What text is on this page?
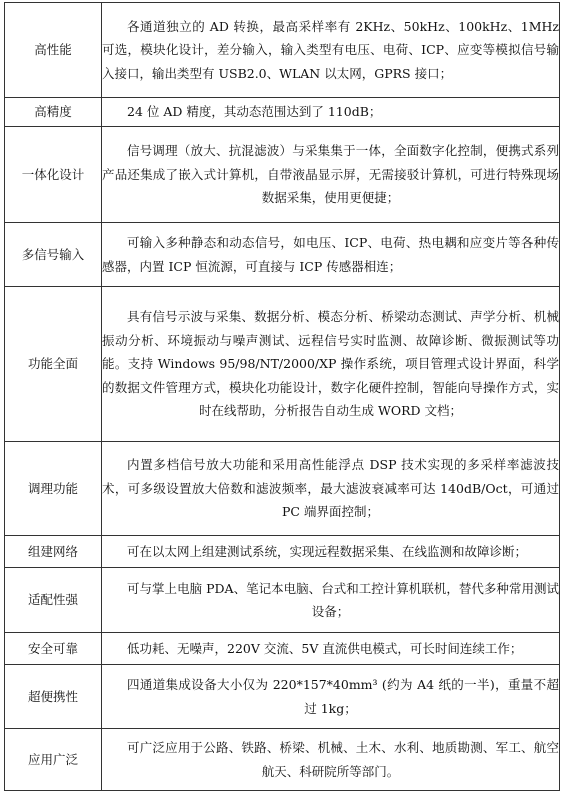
高性能	各通道独立的 AD 转换，最高采样率有 2KHz、50kHz、100kHz、1MHz 可选，模块化设计，差分输入，输入类型有电压、电荷、ICP、应变等模拟信号输入接口，输出类型有 USB2.0、WLAN 以太网，GPRS 接口；

高精度	24 位 AD 精度，其动态范围达到了 110dB；

一体化设计	信号调理（放大、抗混滤波）与采集集于一体，全面数字化控制，便携式系列产品还集成了嵌入式计算机，自带液晶显示屏，无需接驳计算机，可进行特殊现场数据采集，使用更便捷；

多信号输入	可输入多种静态和动态信号，如电压、ICP、电荷、热电耦和应变片等各种传感器，内置 ICP 恒流源，可直接与 ICP 传感器相连；

功能全面	具有信号示波与采集、数据分析、模态分析、桥梁动态测试、声学分析、机械振动分析、环境振动与噪声测试、远程信号实时监测、故障诊断、微振测试等功能。支持 Windows 95/98/NT/2000/XP 操作系统，项目管理式设计界面，科学的数据文件管理方式，模块化功能设计，数字化硬件控制，智能向导操作方式，实时在线帮助，分析报告自动生成 WORD 文档；

调理功能	内置多档信号放大功能和采用高性能浮点 DSP 技术实现的多采样率滤波技术，可多级设置放大倍数和滤波频率，最大滤波衰减率可达 140dB/Oct，可通过 PC 端界面控制；

组建网络	可在以太网上组建测试系统，实现远程数据采集、在线监测和故障诊断；

适配性强	可与掌上电脑 PDA、笔记本电脑、台式和工控计算机联机，替代多种常用测试设备；

安全可靠	低功耗、无噪声，220V 交流、5V 直流供电模式，可长时间连续工作；

超便携性	四通道集成设备大小仅为 220*157*40mm³ (约为 A4 纸的一半)，重量不超过 1kg；

应用广泛	可广泛应用于公路、铁路、桥梁、机械、土木、水利、地质勘测、军工、航空航天、科研院所等部门。
